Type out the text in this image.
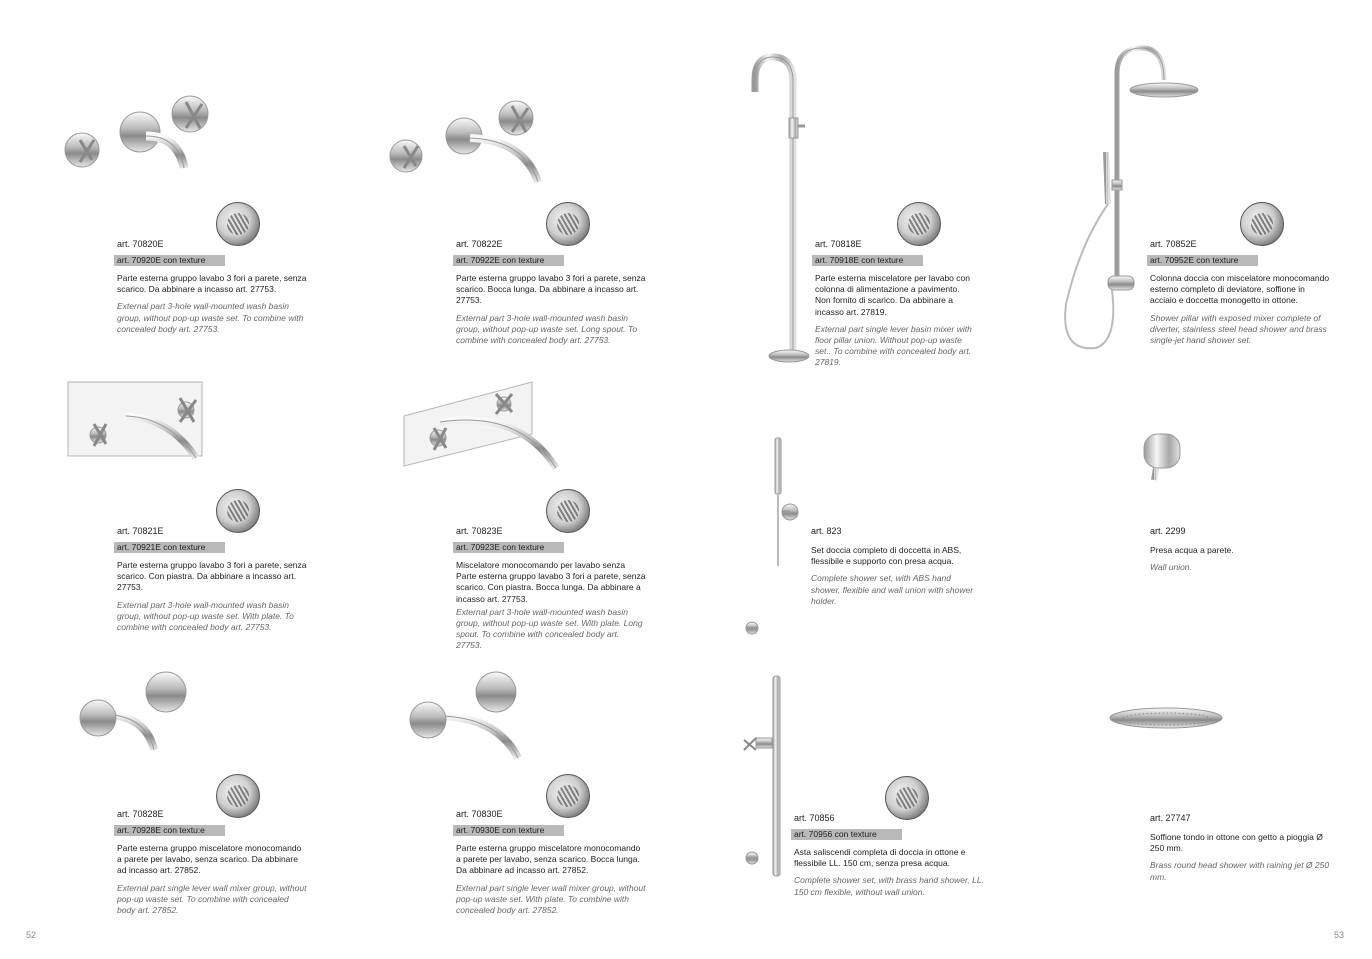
art. 70820E

art. 70920E con texture

Parte esterna gruppo lavabo 3 fori a parete, senza scarico. Da abbinare a incasso art. 27753.

External part 3-hole wall-mounted wash basin group, without pop-up waste set. To combine with concealed body art. 27753.

art. 70822E

art. 70922E con texture

Parte esterna gruppo lavabo 3 fori a parete, senza scarico. Bocca lunga. Da abbinare a incasso art. 27753.

External part 3-hole wall-mounted wash basin group, without pop-up waste set. Long spout. To combine with concealed body art. 27753.

art. 70818E

art. 70918E con texture

Parte esterna miscelatore per lavabo con colonna di alimentazione a pavimento. Non fornito di scarico. Da abbinare a incasso art. 27819.

External part single lever basin mixer with floor pillar union. Without pop-up waste set.. To combine with concealed body art. 27819.

art. 70852E

art. 70952E con texture

Colonna doccia con miscelatore monocomando esterno completo di deviatore, soffione in acciaio e doccetta monogetto in ottone.

Shower pillar with exposed mixer complete of diverter, stainless steel head shower and brass single-jet hand shower set.

art. 70821E

art. 70921E con texture

Parte esterna gruppo lavabo 3 fori a parete, senza scarico. Con piastra. Da abbinare a incasso art. 27753.

External part 3-hole wall-mounted wash basin group, without pop-up waste set. With plate. To combine with concealed body art. 27753.

art. 70823E

art. 70923E con texture

Miscelatore monocomando per lavabo senza Parte esterna gruppo lavabo 3 fori a parete, senza scarico. Con piastra. Bocca lunga. Da abbinare a incasso art. 27753.

External part 3-hole wall-mounted wash basin group, without pop-up waste set. With plate. Long spout. To combine with concealed body art. 27753.

art. 823

Set doccia completo di doccetta in ABS, flessibile e supporto con presa acqua.

Complete shower set, with ABS hand shower, flexible and wall union with shower holder.

art. 2299

Presa acqua a parete.

Wall union.

art. 70828E

art. 70928E con textu:e

Parte esterna gruppo miscelatore monocomando a parete per lavabo, senza scarico. Da abbinare ad incasso art. 27852.

External part single lever wall mixer group, without pop-up waste set. To combine with concealed body art. 27852.

art. 70830E

art. 70930E con texture

Parte esterna gruppo miscelatore monocomando a parete per lavabo, senza scarico. Bocca lunga. Da abbinare ad incasso art. 27852.

External part single lever wall mixer group, without pop-up waste set. With plate. To combine with concealed body art. 27852.

art. 70856

art. 70956 con texture

Asta saliscendi completa di doccia in ottone e flessibile LL. 150 cm, senza presa acqua.

Complete shower set, with brass hand shower, LL. 150 cm flexible, without wall union.

art. 27747

Soffione tondo in ottone con getto a pioggia Ø 250 mm.

Brass round head shower with raining jet Ø 250 mm.

52	53
